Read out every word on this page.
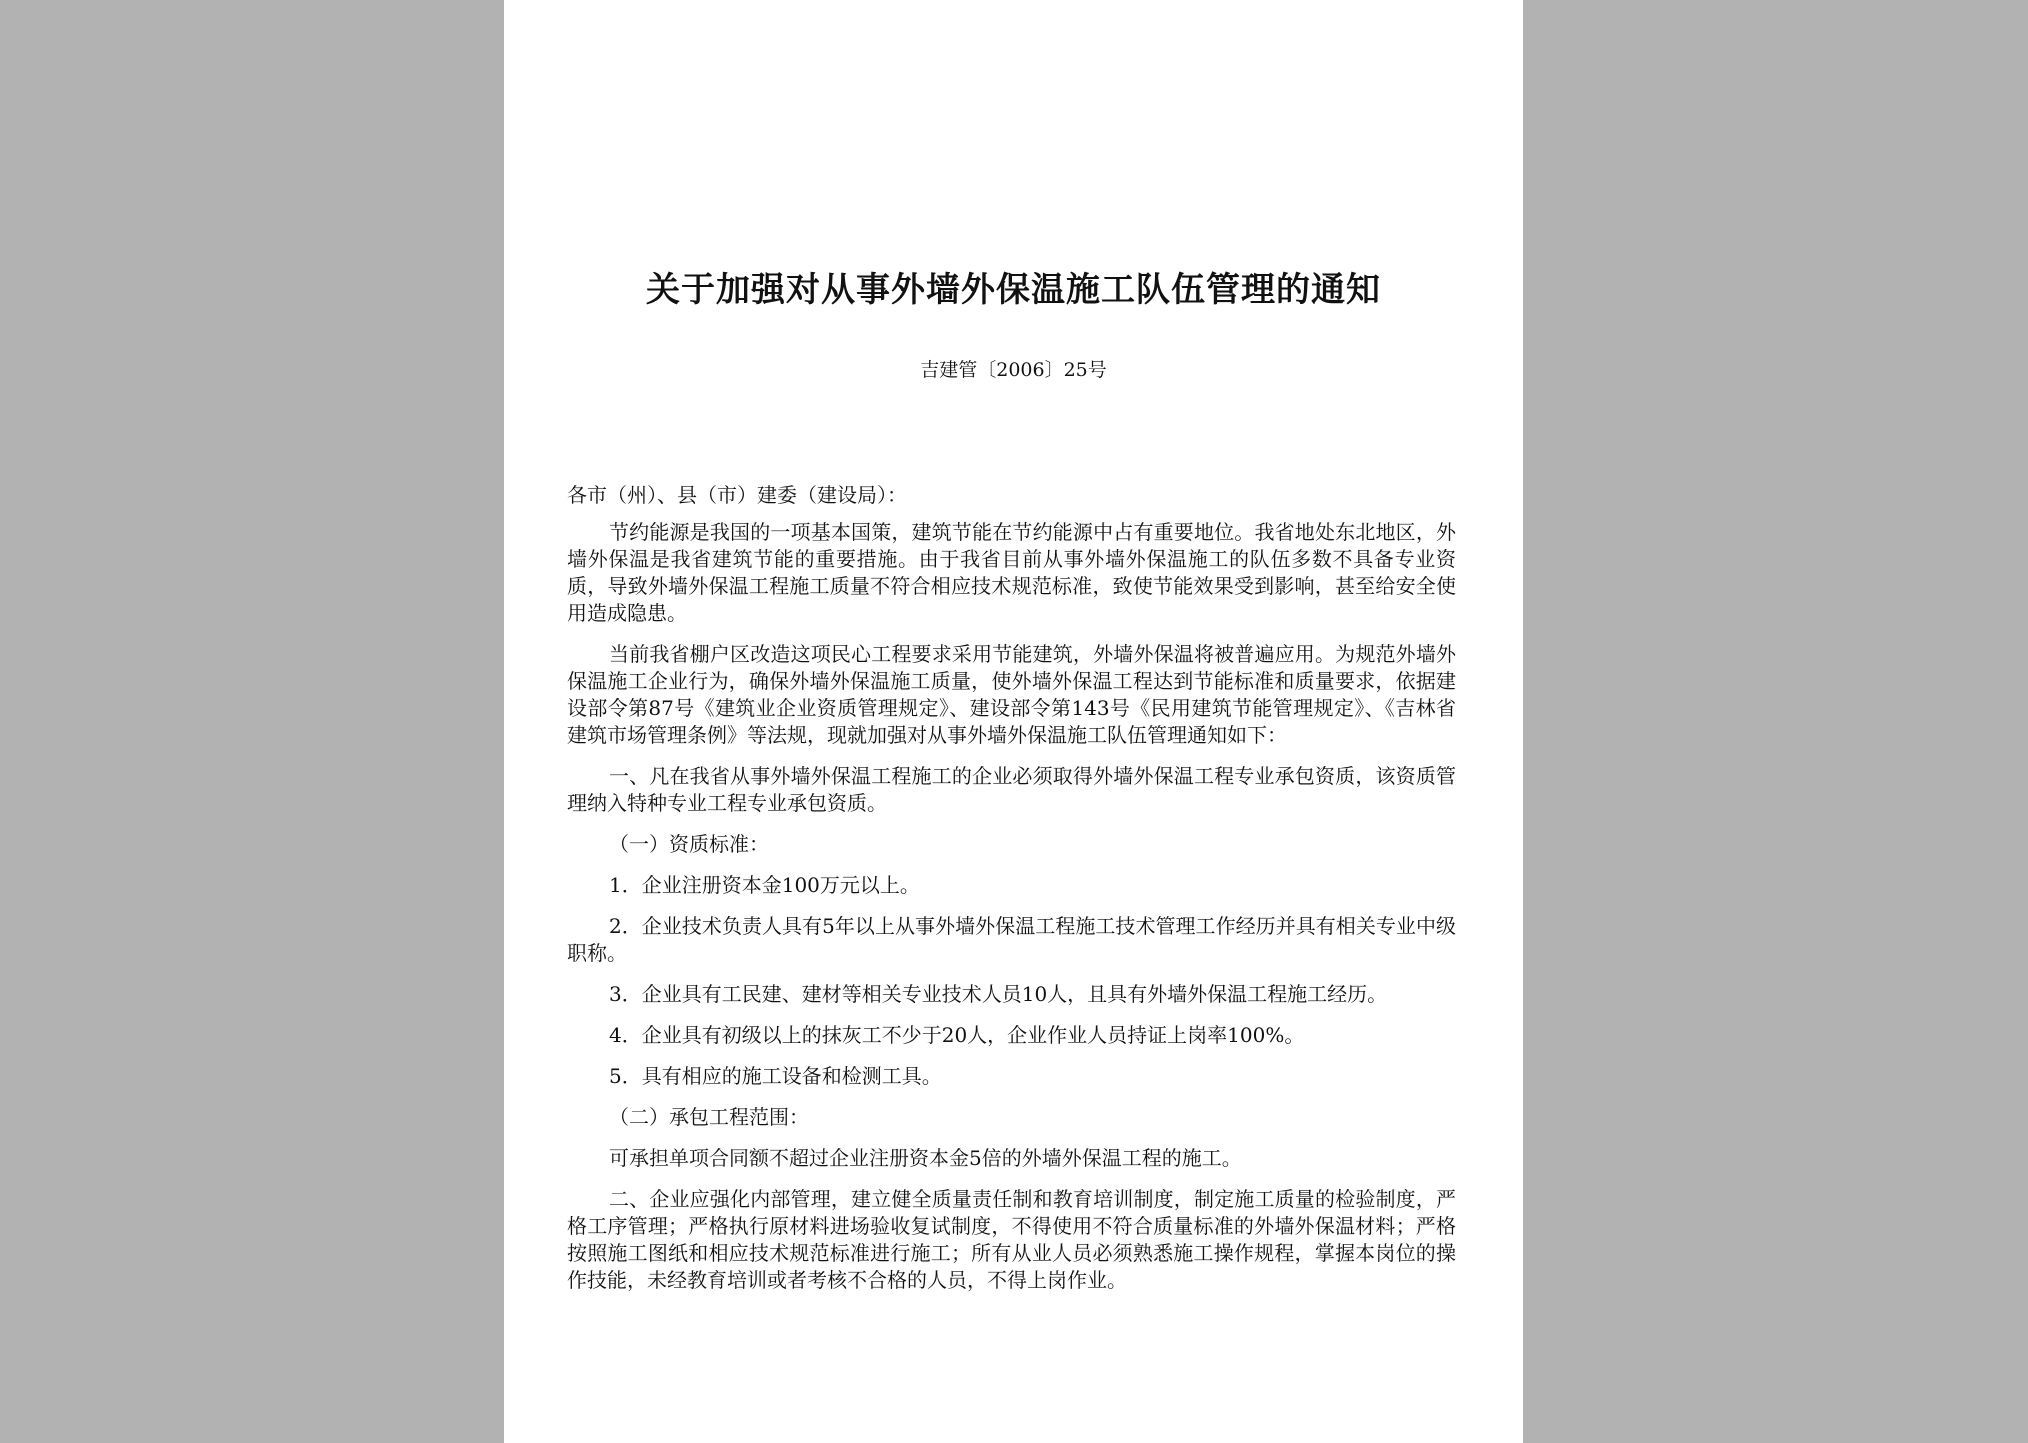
关于加强对从事外墙外保温施工队伍管理的通知
吉建管〔2006〕25号

各市（州）、县（市）建委（建设局）：

节约能源是我国的一项基本国策，建筑节能在节约能源中占有重要地位。我省地处东北地区，外墙外保温是我省建筑节能的重要措施。由于我省目前从事外墙外保温施工的队伍多数不具备专业资质，导致外墙外保温工程施工质量不符合相应技术规范标准，致使节能效果受到影响，甚至给安全使用造成隐患。

当前我省棚户区改造这项民心工程要求采用节能建筑，外墙外保温将被普遍应用。为规范外墙外保温施工企业行为，确保外墙外保温施工质量，使外墙外保温工程达到节能标准和质量要求，依据建设部令第87号《建筑业企业资质管理规定》、建设部令第143号《民用建筑节能管理规定》、《吉林省建筑市场管理条例》等法规，现就加强对从事外墙外保温施工队伍管理通知如下：

一、凡在我省从事外墙外保温工程施工的企业必须取得外墙外保温工程专业承包资质，该资质管理纳入特种专业工程专业承包资质。

（一）资质标准：

1．企业注册资本金100万元以上。

2．企业技术负责人具有5年以上从事外墙外保温工程施工技术管理工作经历并具有相关专业中级职称。

3．企业具有工民建、建材等相关专业技术人员10人，且具有外墙外保温工程施工经历。

4．企业具有初级以上的抹灰工不少于20人，企业作业人员持证上岗率100%。

5．具有相应的施工设备和检测工具。

（二）承包工程范围：

可承担单项合同额不超过企业注册资本金5倍的外墙外保温工程的施工。

二、企业应强化内部管理，建立健全质量责任制和教育培训制度，制定施工质量的检验制度，严格工序管理；严格执行原材料进场验收复试制度，不得使用不符合质量标准的外墙外保温材料；严格按照施工图纸和相应技术规范标准进行施工；所有从业人员必须熟悉施工操作规程，掌握本岗位的操作技能，未经教育培训或者考核不合格的人员，不得上岗作业。
